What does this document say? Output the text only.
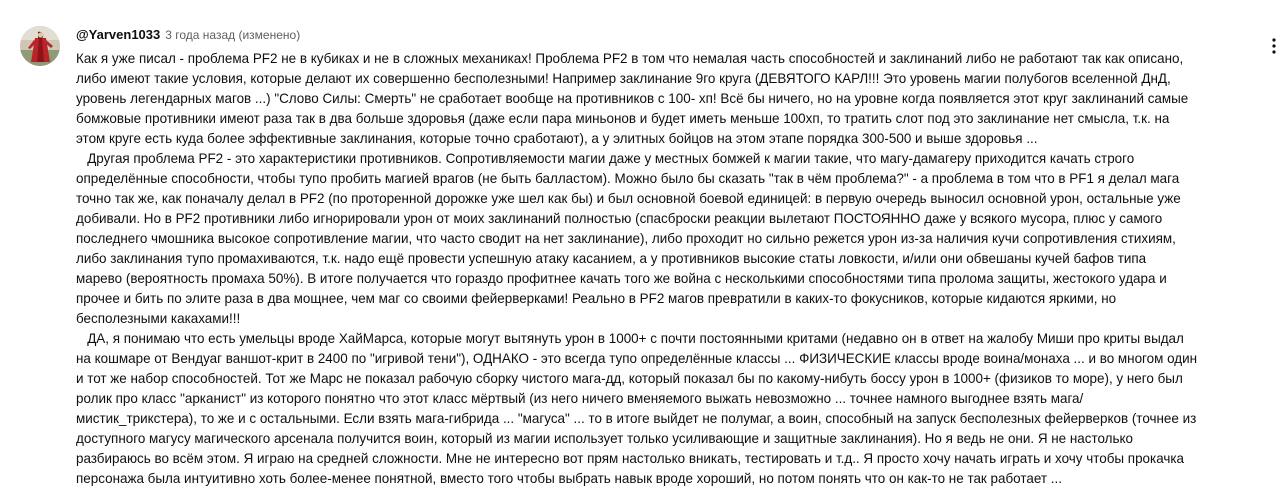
@Yarven1033 3 года назад (изменено)
Как я уже писал - проблема PF2 не в кубиках и не в сложных механиках! Проблема PF2 в том что немалая часть способностей и заклинаний либо не работают так как описано,
либо имеют такие условия, которые делают их совершенно бесполезными! Например заклинание 9го круга (ДЕВЯТОГО КАРЛ!!! Это уровень магии полубогов вселенной ДнД,
уровень легендарных магов ...) "Слово Силы: Смерть" не сработает вообще на противников с 100- хп! Всё бы ничего, но на уровне когда появляется этот круг заклинаний самые
бомжовые противники имеют раза так в два больше здоровья (даже если пара миньонов и будет иметь меньше 100хп, то тратить слот под это заклинание нет смысла, т.к. на
этом круге есть куда более эффективные заклинания, которые точно сработают), а у элитных бойцов на этом этапе порядка 300-500 и выше здоровья ...
Другая проблема PF2 - это характеристики противников. Сопротивляемости магии даже у местных бомжей к магии такие, что магу-дамагеру приходится качать строго
определённые способности, чтобы тупо пробить магией врагов (не быть балластом). Можно было бы сказать "так в чём проблема?" - а проблема в том что в PF1 я делал мага
точно так же, как поначалу делал в PF2 (по проторенной дорожке уже шел как бы) и был основной боевой единицей: в первую очередь выносил основной урон, остальные уже
добивали. Но в PF2 противники либо игнорировали урон от моих заклинаний полностью (спасброски реакции вылетают ПОСТОЯННО даже у всякого мусора, плюс у самого
последнего чмошника высокое сопротивление магии, что часто сводит на нет заклинание), либо проходит но сильно режется урон из-за наличия кучи сопротивления стихиям,
либо заклинания тупо промахиваются, т.к. надо ещё провести успешную атаку касанием, а у противников высокие статы ловкости, и/или они обвешаны кучей бафов типа
марево (вероятность промаха 50%). В итоге получается что гораздо профитнее качать того же война с несколькими способностями типа пролома защиты, жестокого удара и
прочее и бить по элите раза в два мощнее, чем маг со своими фейерверками! Реально в PF2 магов превратили в каких-то фокусников, которые кидаются яркими, но
бесполезными какахами!!!
ДА, я понимаю что есть умельцы вроде ХайМарса, которые могут вытянуть урон в 1000+ с почти постоянными критами (недавно он в ответ на жалобу Миши про криты выдал
на кошмаре от Вендуаг ваншот-крит в 2400 по "игривой тени"), ОДНАКО - это всегда тупо определённые классы ... ФИЗИЧЕСКИЕ классы вроде воина/монаха ... и во многом один
и тот же набор способностей. Тот же Марс не показал рабочую сборку чистого мага-дд, который показал бы по какому-нибуть боссу урон в 1000+ (физиков то море), у него был
ролик про класс "арканист" из которого понятно что этот класс мёртвый (из него ничего вменяемого выжать невозможно ... точнее намного выгоднее взять мага/
мистик_трикстера), то же и с остальными. Если взять мага-гибрида ... "магуса" ... то в итоге выйдет не полумаг, а воин, способный на запуск бесполезных фейерверков (точнее из
доступного магусу магического арсенала получится воин, который из магии использует только усиливающие и защитные заклинания). Но я ведь не они. Я не настолько
разбираюсь во всём этом. Я играю на средней сложности. Мне не интересно вот прям настолько вникать, тестировать и т.д.. Я просто хочу начать играть и хочу чтобы прокачка
персонажа была интуитивно хоть более-менее понятной, вместо того чтобы выбрать навык вроде хороший, но потом понять что он как-то не так работает ...
